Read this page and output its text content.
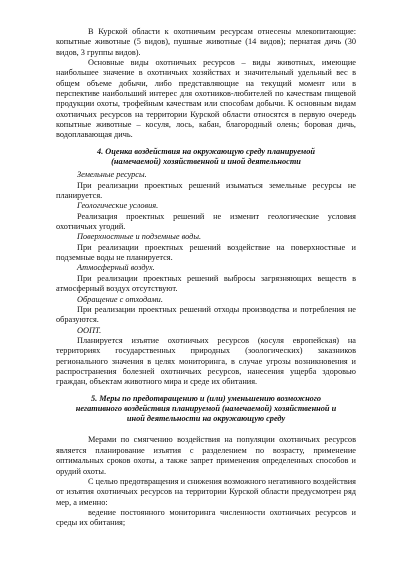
В Курской области к охотничьим ресурсам отнесены млекопитающие: копытные животные (5 видов), пушные животные (14 видов); пернатая дичь (30 видов, 3 группы видов).

Основные виды охотничьих ресурсов – виды животных, имеющие наибольшее значение в охотничьих хозяйствах и значительный удельный вес в общем объеме добычи, либо представляющие на текущий момент или в перспективе наибольший интерес для охотников-любителей по качествам пищевой продукции охоты, трофейным качествам или способам добычи. К основным видам охотничьих ресурсов на территории Курской области относятся в первую очередь копытные животные – косуля, лось, кабан, благородный олень; боровая дичь, водоплавающая дичь.

4. Оценка воздействия на окружающую среду планируемой
(намечаемой) хозяйственной и иной деятельности

Земельные ресурсы.

При реализации проектных решений изыматься земельные ресурсы не планируется.

Геологические условия.

Реализация проектных решений не изменит геологические условия охотничьих угодий.

Поверхностные и подземные воды.

При реализации проектных решений воздействие на поверхностные и подземные воды не планируется.

Атмосферный воздух.

При реализации проектных решений выбросы загрязняющих веществ в атмосферный воздух отсутствуют.

Обращение с отходами.

При реализации проектных решений отходы производства и потребления не образуются.

ООПТ.

Планируется изъятие охотничьих ресурсов (косуля европейская) на территориях государственных природных (зоологических) заказников регионального значения в целях мониторинга, в случае угрозы возникновения и распространения болезней охотничьих ресурсов, нанесения ущерба здоровью граждан, объектам животного мира и среде их обитания.

5. Меры по предотвращению и (или) уменьшению возможного
негативного воздействия планируемой (намечаемой) хозяйственной и
иной деятельности на окружающую среду

Мерами по смягчению воздействия на популяции охотничьих ресурсов является планирование изъятия с разделением по возрасту, применение оптимальных сроков охоты, а также запрет применения определенных способов и орудий охоты.

С целью предотвращения и снижения возможного негативного воздействия от изъятия охотничьих ресурсов на территории Курской области предусмотрен ряд мер, а именно:

ведение постоянного мониторинга численности охотничьих ресурсов и среды их обитания;
